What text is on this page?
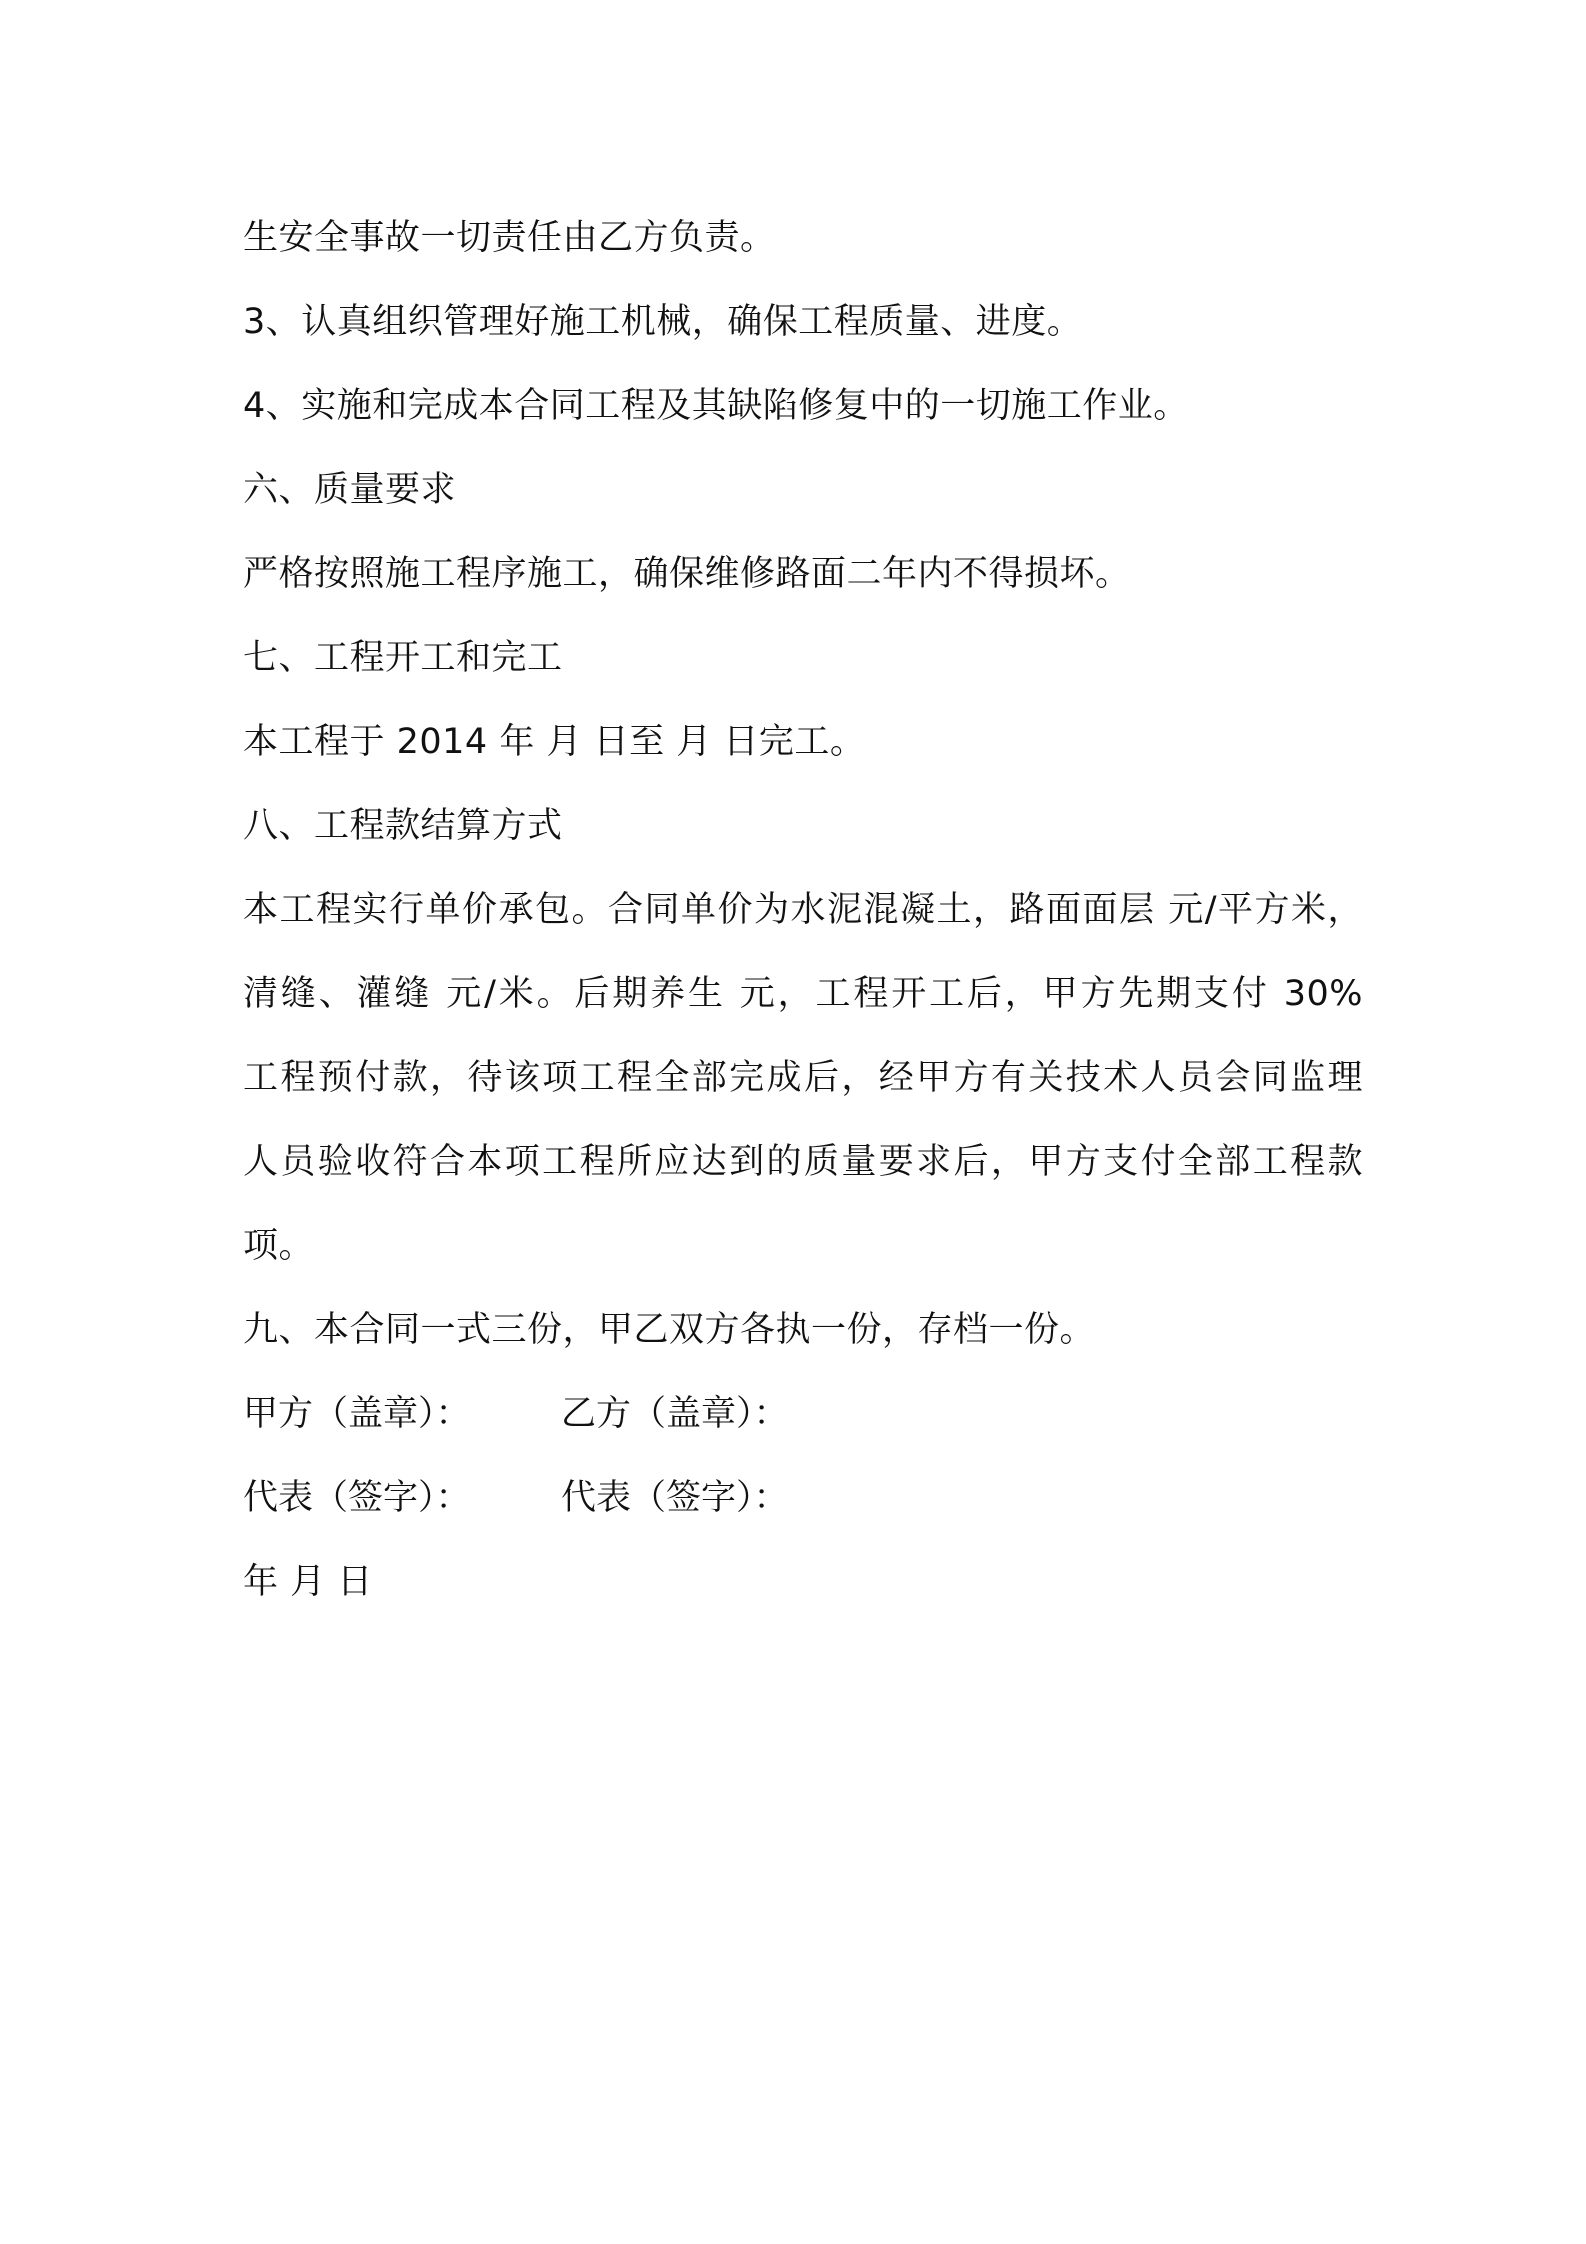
生安全事故一切责任由乙方负责。
3、认真组织管理好施工机械，确保工程质量、进度。
4、实施和完成本合同工程及其缺陷修复中的一切施工作业。
六、质量要求
严格按照施工程序施工，确保维修路面二年内不得损坏。
七、工程开工和完工
本工程于 2014 年 月 日至 月 日完工。
八、工程款结算方式
本工程实行单价承包。合同单价为水泥混凝土，路面面层 元/平方米，
清缝、灌缝 元/米。后期养生 元，工程开工后，甲方先期支付 30%
工程预付款，待该项工程全部完成后，经甲方有关技术人员会同监理
人员验收符合本项工程所应达到的质量要求后，甲方支付全部工程款
项。
九、本合同一式三份，甲乙双方各执一份，存档一份。
甲方（盖章）：	乙方（盖章）：
代表（签字）：	代表（签字）：
年 月 日
